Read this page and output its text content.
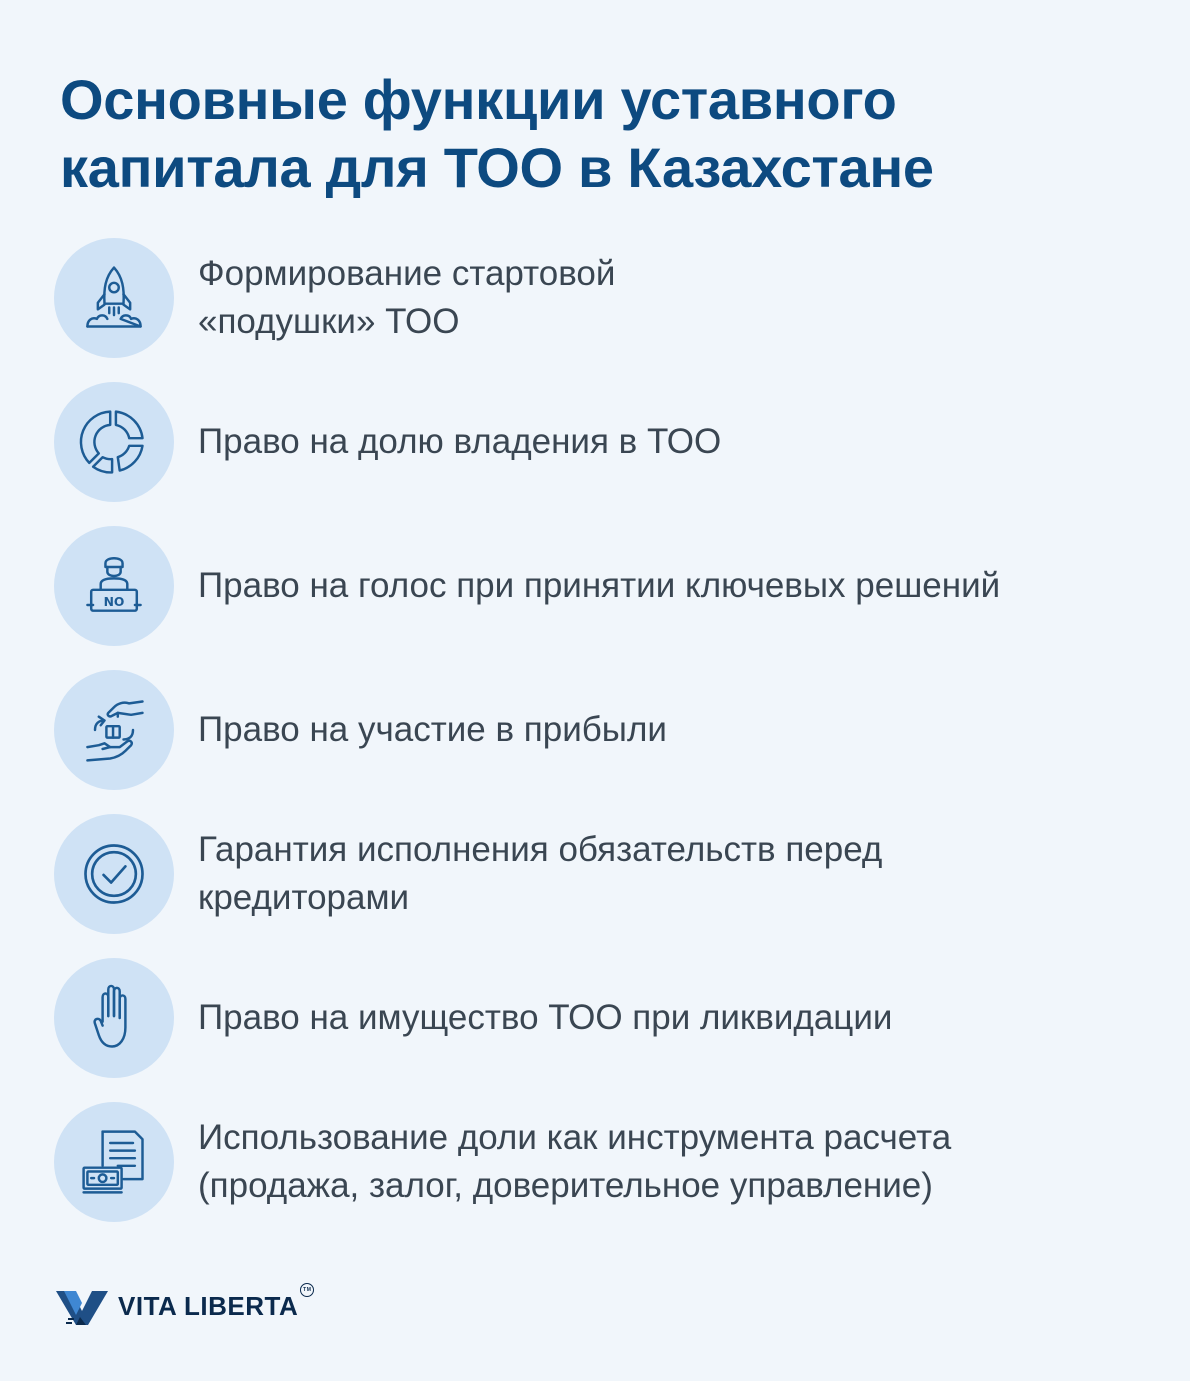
Основные функции уставного
капитала для ТОО в Казахстане
Формирование стартовой
«подушки» ТОО
Право на долю владения в ТОО
NO Право на голос при принятии ключевых решений
Право на участие в прибыли
Гарантия исполнения обязательств перед
кредиторами
Право на имущество ТОО при ликвидации
Использование доли как инструмента расчета
(продажа, залог, доверительное управление)
VITA LIBERTA
TM
